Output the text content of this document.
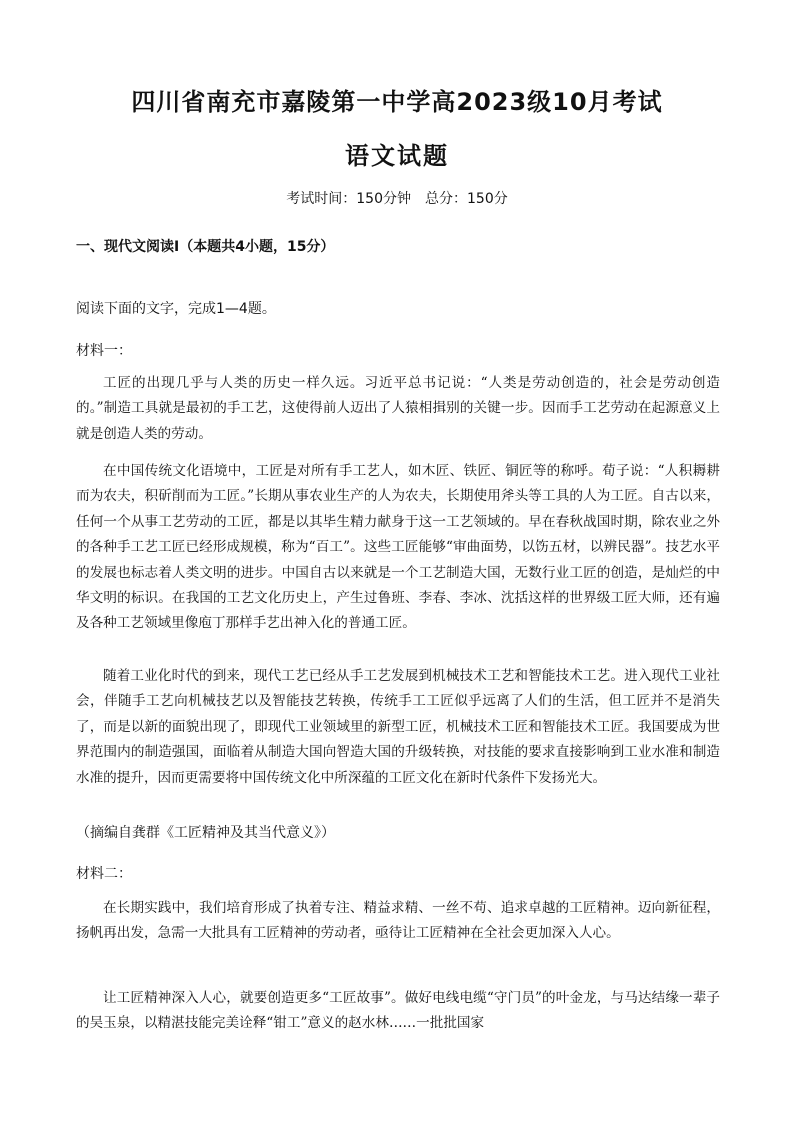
四川省南充市嘉陵第一中学高2023级10月考试
语文试题
考试时间：150分钟 总分：150分
一、现代文阅读Ⅰ（本题共4小题，15分）
阅读下面的文字，完成1—4题。
材料一：
工匠的出现几乎与人类的历史一样久远。习近平总书记说：“人类是劳动创造的，社会是劳动创造的。”制造工具就是最初的手工艺，这使得前人迈出了人猿相揖别的关键一步。因而手工艺劳动在起源意义上就是创造人类的劳动。
在中国传统文化语境中，工匠是对所有手工艺人，如木匠、铁匠、铜匠等的称呼。荀子说：“人积耨耕而为农夫，积斫削而为工匠。”长期从事农业生产的人为农夫，长期使用斧头等工具的人为工匠。自古以来，任何一个从事工艺劳动的工匠，都是以其毕生精力献身于这一工艺领域的。早在春秋战国时期，除农业之外的各种手工艺工匠已经形成规模，称为“百工”。这些工匠能够“审曲面势，以饬五材，以辨民器”。技艺水平的发展也标志着人类文明的进步。中国自古以来就是一个工艺制造大国，无数行业工匠的创造，是灿烂的中华文明的标识。在我国的工艺文化历史上，产生过鲁班、李春、李冰、沈括这样的世界级工匠大师，还有遍及各种工艺领域里像庖丁那样手艺出神入化的普通工匠。
随着工业化时代的到来，现代工艺已经从手工艺发展到机械技术工艺和智能技术工艺。进入现代工业社会，伴随手工艺向机械技艺以及智能技艺转换，传统手工工匠似乎远离了人们的生活，但工匠并不是消失了，而是以新的面貌出现了，即现代工业领域里的新型工匠，机械技术工匠和智能技术工匠。我国要成为世界范围内的制造强国，面临着从制造大国向智造大国的升级转换，对技能的要求直接影响到工业水准和制造水准的提升，因而更需要将中国传统文化中所深蕴的工匠文化在新时代条件下发扬光大。
（摘编自龚群《工匠精神及其当代意义》）
材料二：
在长期实践中，我们培育形成了执着专注、精益求精、一丝不苟、追求卓越的工匠精神。迈向新征程，扬帆再出发，急需一大批具有工匠精神的劳动者，亟待让工匠精神在全社会更加深入人心。
让工匠精神深入人心，就要创造更多“工匠故事”。做好电线电缆“守门员”的叶金龙，与马达结缘一辈子的吴玉泉，以精湛技能完美诠释“钳工”意义的赵水林……一批批国家
